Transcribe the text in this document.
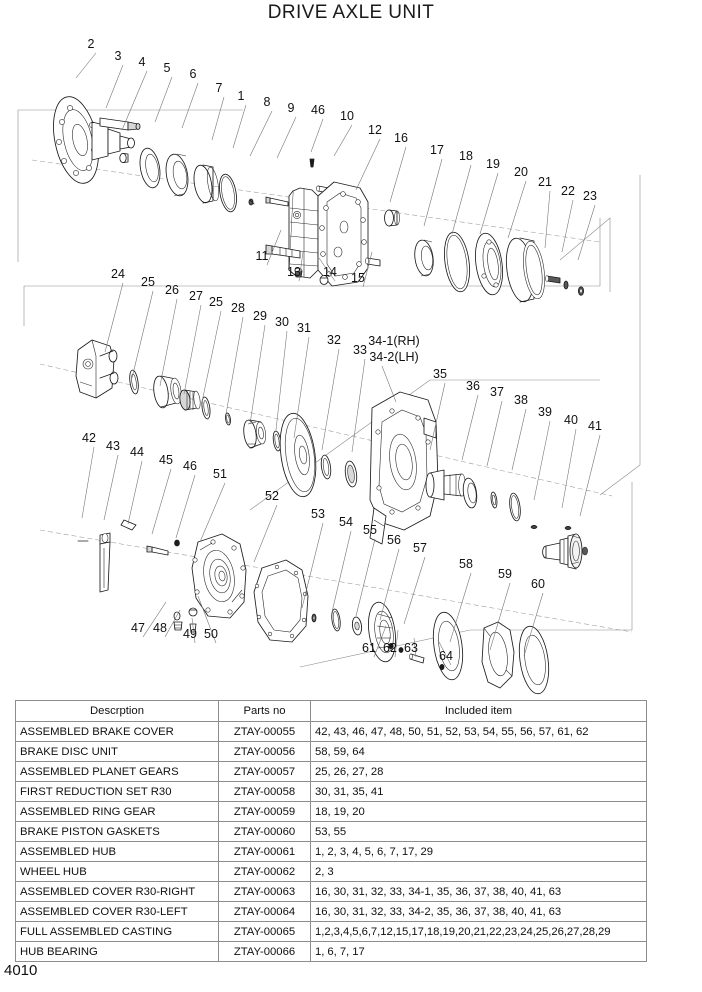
DRIVE AXLE UNIT
2
3 4 5 6
7
1 8 9 46 10
12
16
17 18
19
20
21
22 23
11
13 14 15
24
25
26 27 25 28
29 30 31
32
33
35
36 37
38
39
40 41
42
43 44
45 46
51
52
53
54
55
56
57
58
59
60
47 48 49 50
61 62 63
64
34-1(RH)
34-2(LH)
Descrption	Parts no	Included item
ASSEMBLED BRAKE COVER	ZTAY-00055	42, 43, 46, 47, 48, 50, 51, 52, 53, 54, 55, 56, 57, 61, 62
BRAKE DISC UNIT	ZTAY-00056	58, 59, 64
ASSEMBLED PLANET GEARS	ZTAY-00057	25, 26, 27, 28
FIRST REDUCTION SET R30	ZTAY-00058	30, 31, 35, 41
ASSEMBLED RING GEAR	ZTAY-00059	18, 19, 20
BRAKE PISTON GASKETS	ZTAY-00060	53, 55
ASSEMBLED HUB	ZTAY-00061	1, 2, 3, 4, 5, 6, 7, 17, 29
WHEEL HUB	ZTAY-00062	2, 3
ASSEMBLED COVER R30-RIGHT	ZTAY-00063	16, 30, 31, 32, 33, 34-1, 35, 36, 37, 38, 40, 41, 63
ASSEMBLED COVER R30-LEFT	ZTAY-00064	16, 30, 31, 32, 33, 34-2, 35, 36, 37, 38, 40, 41, 63
FULL ASSEMBLED CASTING	ZTAY-00065	1,2,3,4,5,6,7,12,15,17,18,19,20,21,22,23,24,25,26,27,28,29
HUB BEARING	ZTAY-00066	1, 6, 7, 17
4010
